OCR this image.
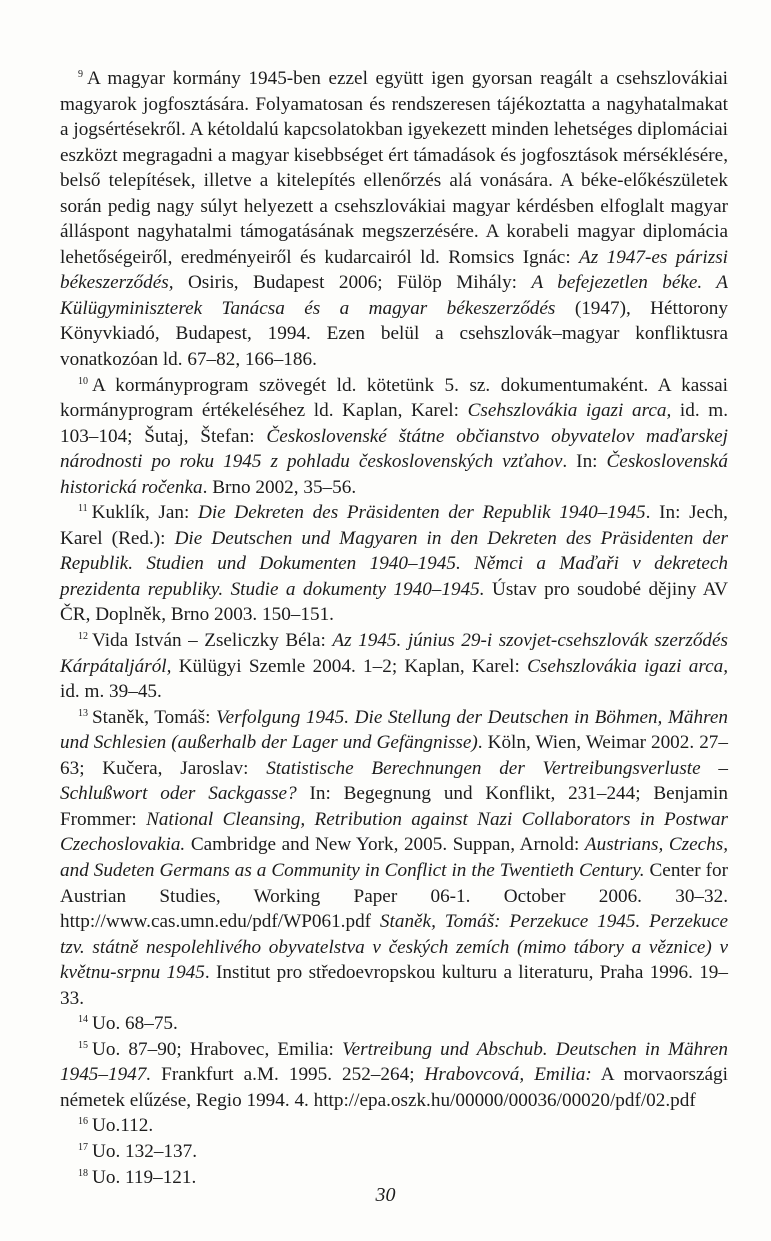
$^9$ A magyar kormány 1945-ben ezzel együtt igen gyorsan reagált a csehszlovákiai magyarok jogfosztására. Folyamatosan és rendszeresen tájékoztatta a nagyhatalmakat a jogsértésekről. A kétoldalú kapcsolatokban igyekezett minden lehetséges diplomáciai eszközt megragadni a magyar kisebbséget ért támadások és jogfosztások mérséklésére, belső telepítések, illetve a kitelepítés ellenőrzés alá vonására. A béke-előkészületek során pedig nagy súlyt helyezett a csehszlovákiai magyar kérdésben elfoglalt magyar álláspont nagyhatalmi támogatásának megszerzésére. A korabeli magyar diplomácia lehetőségeiről, eredményeiről és kudarcairól ld. Romsics Ignác: Az 1947-es párizsi békeszerződés, Osiris, Budapest 2006; Fülöp Mihály: A befejezetlen béke. A Külügyminiszterek Tanácsa és a magyar békeszerződés (1947), Héttorony Könyvkiadó, Budapest, 1994. Ezen belül a csehszlovák–magyar konfliktusra vonatkozóan ld. 67–82, 166–186.

$^{10}$ A kormányprogram szövegét ld. kötetünk 5. sz. dokumentumaként. A kassai kormányprogram értékeléséhez ld. Kaplan, Karel: Csehszlovákia igazi arca, id. m. 103–104; Šutaj, Štefan: Československé štátne občianstvo obyvatelov maďarskej národnosti po roku 1945 z pohladu československých vzťahov. In: Československá historická ročenka. Brno 2002, 35–56.

$^{11}$ Kuklík, Jan: Die Dekreten des Präsidenten der Republik 1940–1945. In: Jech, Karel (Red.): Die Deutschen und Magyaren in den Dekreten des Präsidenten der Republik. Studien und Dokumenten 1940–1945. Němci a Maďaři v dekretech prezidenta republiky. Studie a dokumenty 1940–1945. Ústav pro soudobé dějiny AV ČR, Doplněk, Brno 2003. 150–151.

$^{12}$ Vida István – Zseliczky Béla: Az 1945. június 29-i szovjet-csehszlovák szerződés Kárpátaljáról, Külügyi Szemle 2004. 1–2; Kaplan, Karel: Csehszlovákia igazi arca, id. m. 39–45.

$^{13}$ Staněk, Tomáš: Verfolgung 1945. Die Stellung der Deutschen in Böhmen, Mähren und Schlesien (außerhalb der Lager und Gefängnisse). Köln, Wien, Weimar 2002. 27–63; Kučera, Jaroslav: Statistische Berechnungen der Vertreibungsverluste – Schlußwort oder Sackgasse? In: Begegnung und Konflikt, 231–244; Benjamin Frommer: National Cleansing, Retribution against Nazi Collaborators in Postwar Czechoslovakia. Cambridge and New York, 2005. Suppan, Arnold: Austrians, Czechs, and Sudeten Germans as a Community in Conflict in the Twentieth Century. Center for Austrian Studies, Working Paper 06-1. October 2006. 30–32. http://www.cas.umn.edu/pdf/WP061.pdf Staněk, Tomáš: Perzekuce 1945. Perzekuce tzv. státně nespolehlivého obyvatelstva v českých zemích (mimo tábory a věznice) v květnu-srpnu 1945. Institut pro středoevropskou kulturu a literaturu, Praha 1996. 19–33.

$^{14}$ Uo. 68–75.

$^{15}$ Uo. 87–90; Hrabovec, Emilia: Vertreibung und Abschub. Deutschen in Mähren 1945–1947. Frankfurt a.M. 1995. 252–264; Hrabovcová, Emilia: A morvaországi németek elűzése, Regio 1994. 4. http://epa.oszk.hu/00000/00036/00020/pdf/02.pdf

$^{16}$ Uo.112.

$^{17}$ Uo. 132–137.

$^{18}$ Uo. 119–121.

30
